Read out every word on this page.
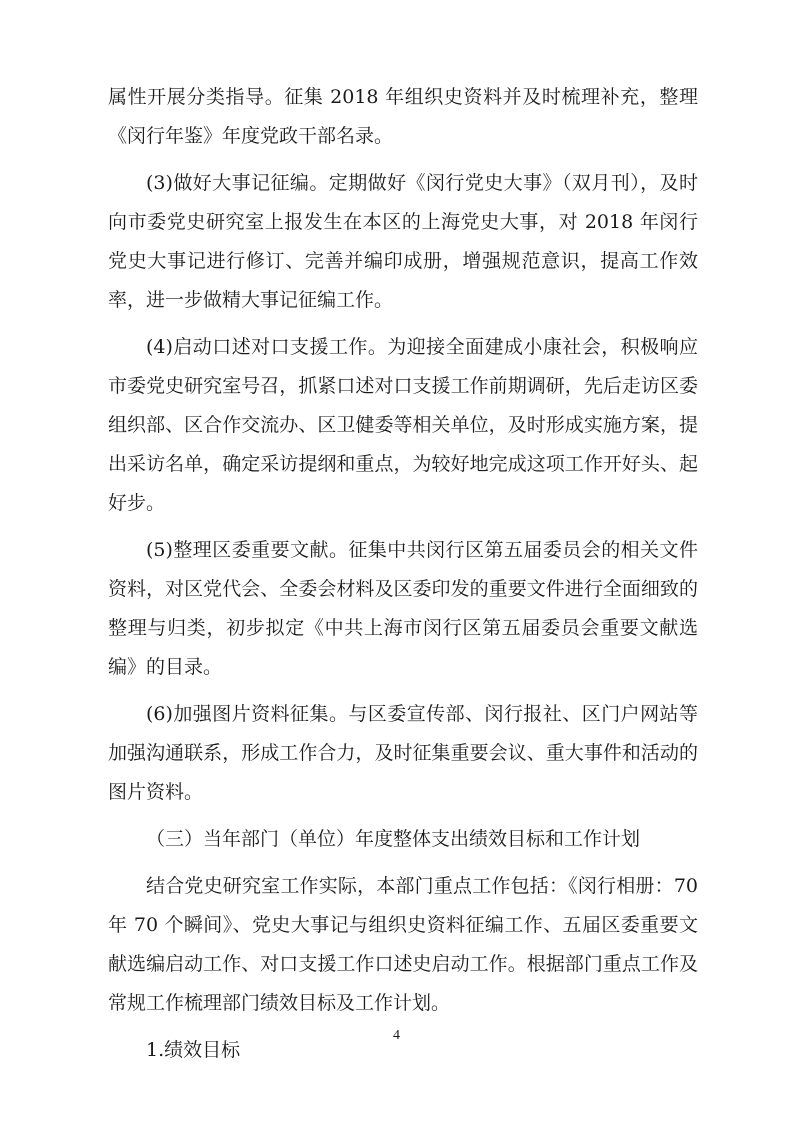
属性开展分类指导。征集 2018 年组织史资料并及时梳理补充，整理《闵行年鉴》年度党政干部名录。

(3)做好大事记征编。定期做好《闵行党史大事》（双月刊），及时向市委党史研究室上报发生在本区的上海党史大事，对 2018 年闵行党史大事记进行修订、完善并编印成册，增强规范意识，提高工作效率，进一步做精大事记征编工作。

(4)启动口述对口支援工作。为迎接全面建成小康社会，积极响应市委党史研究室号召，抓紧口述对口支援工作前期调研，先后走访区委组织部、区合作交流办、区卫健委等相关单位，及时形成实施方案，提出采访名单，确定采访提纲和重点，为较好地完成这项工作开好头、起好步。

(5)整理区委重要文献。征集中共闵行区第五届委员会的相关文件资料，对区党代会、全委会材料及区委印发的重要文件进行全面细致的整理与归类，初步拟定《中共上海市闵行区第五届委员会重要文献选编》的目录。

(6)加强图片资料征集。与区委宣传部、闵行报社、区门户网站等加强沟通联系，形成工作合力，及时征集重要会议、重大事件和活动的图片资料。

（三）当年部门（单位）年度整体支出绩效目标和工作计划

结合党史研究室工作实际，本部门重点工作包括：《闵行相册：70 年 70 个瞬间》、党史大事记与组织史资料征编工作、五届区委重要文献选编启动工作、对口支援工作口述史启动工作。根据部门重点工作及常规工作梳理部门绩效目标及工作计划。

1.绩效目标

4
